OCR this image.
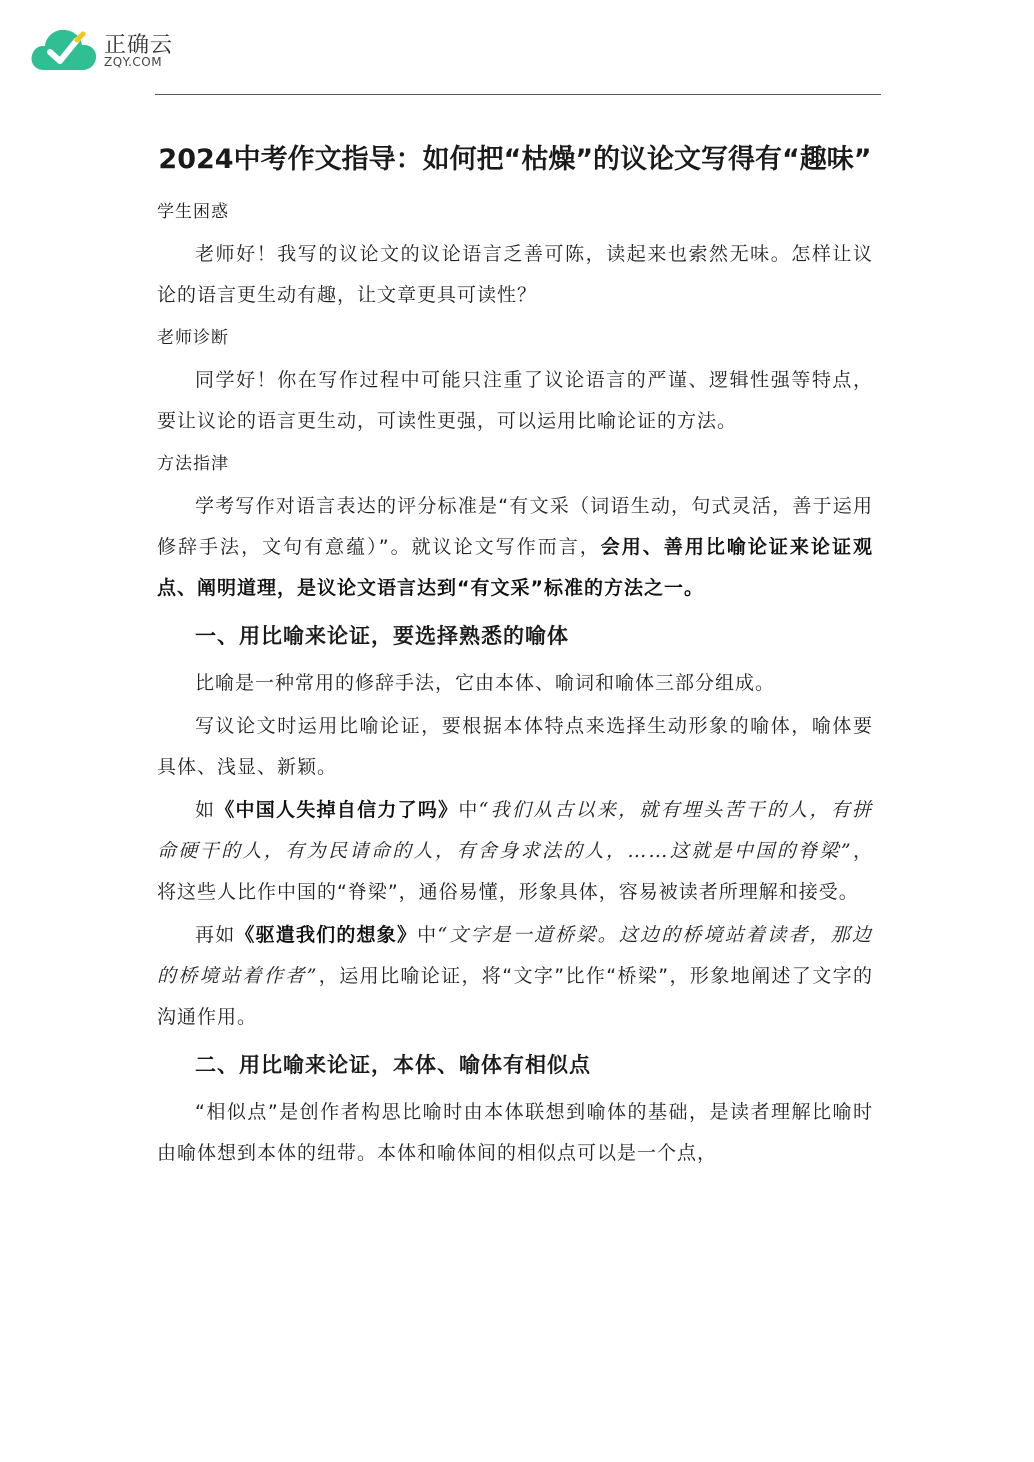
正确云
ZQY.COM
2024中考作文指导：如何把“枯燥”的议论文写得有“趣味”
学生困惑

老师好！我写的议论文的议论语言乏善可陈，读起来也索然无味。怎样让议论的语言更生动有趣，让文章更具可读性？

老师诊断

同学好！你在写作过程中可能只注重了议论语言的严谨、逻辑性强等特点，要让议论的语言更生动，可读性更强，可以运用比喻论证的方法。

方法指津

学考写作对语言表达的评分标准是“有文采（词语生动，句式灵活，善于运用修辞手法，文句有意蕴）”。就议论文写作而言，会用、善用比喻论证来论证观点、阐明道理，是议论文语言达到“有文采”标准的方法之一。

一、用比喻来论证，要选择熟悉的喻体

比喻是一种常用的修辞手法，它由本体、喻词和喻体三部分组成。

写议论文时运用比喻论证，要根据本体特点来选择生动形象的喻体，喻体要具体、浅显、新颖。

如《中国人失掉自信力了吗》中“我们从古以来，就有埋头苦干的人，有拼命硬干的人，有为民请命的人，有舍身求法的人，……这就是中国的脊梁”，将这些人比作中国的“脊梁”，通俗易懂，形象具体，容易被读者所理解和接受。

再如《驱遣我们的想象》中“文字是一道桥梁。这边的桥境站着读者，那边的桥境站着作者”，运用比喻论证，将“文字”比作“桥梁”，形象地阐述了文字的沟通作用。

二、用比喻来论证，本体、喻体有相似点

“相似点”是创作者构思比喻时由本体联想到喻体的基础，是读者理解比喻时由喻体想到本体的纽带。本体和喻体间的相似点可以是一个点，
